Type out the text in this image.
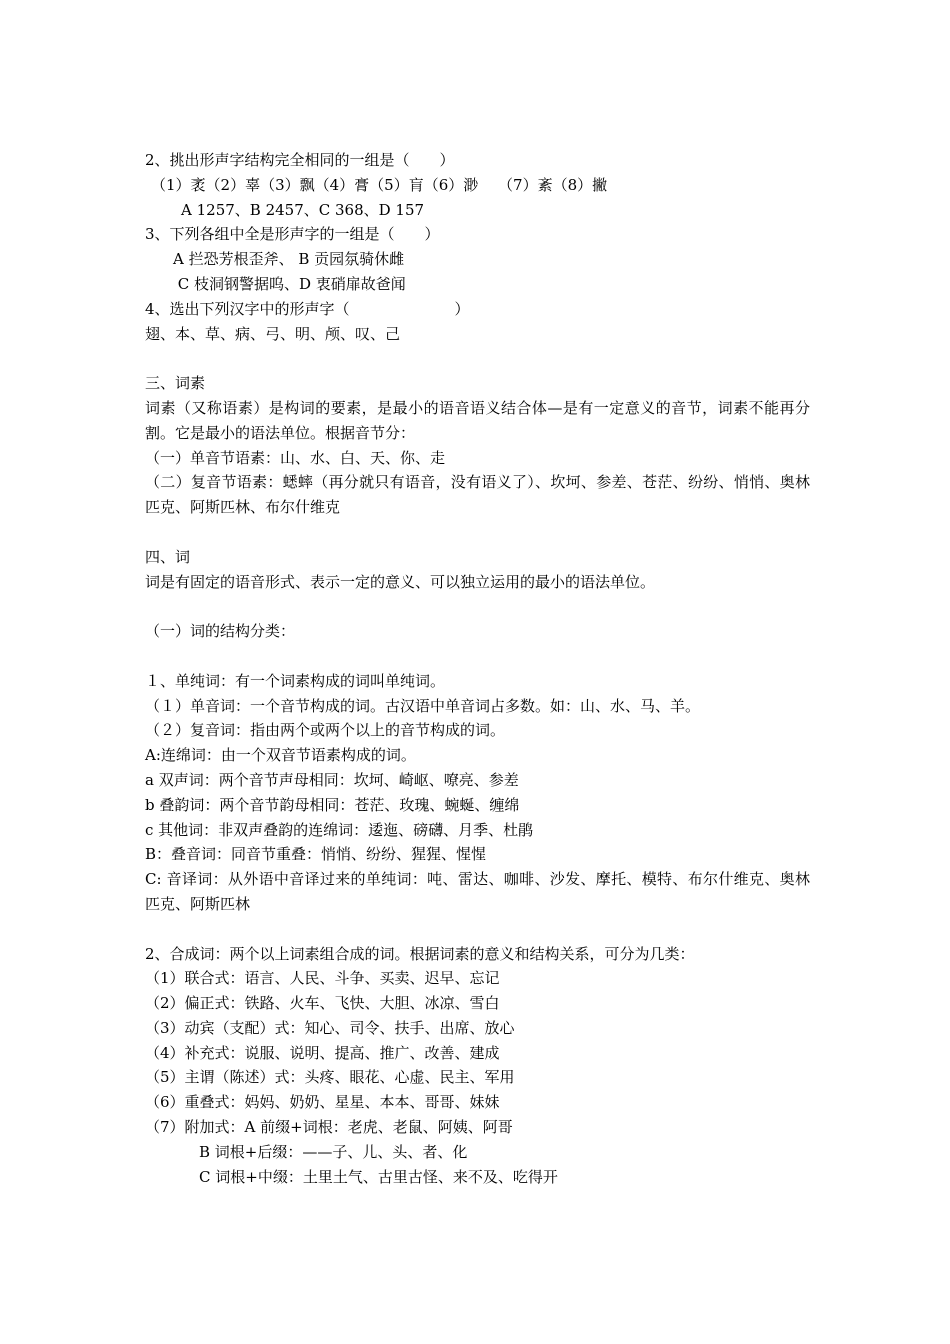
2、挑出形声字结构完全相同的一组是（　　）
（1）袤（2）辜（3）飘（4）膏（5）肓（6）渺　 （7）紊（8）撇
A 1257、B 2457、C 368、D 157
3、下列各组中全是形声字的一组是（　　）
A 拦恐芳根歪斧、 B 贡园氛骑休雌
C 枝洞钢警据呜、D 衷硝扉故爸闻
4、选出下列汉字中的形声字（　　　　　　　）
翅、本、草、病、弓、明、颅、叹、己
三、词素
词素（又称语素）是构词的要素，是最小的语音语义结合体—是有一定意义的音节，词素不能再分割。它是最小的语法单位。根据音节分：
（一）单音节语素：山、水、白、天、你、走
（二）复音节语素：蟋蟀（再分就只有语音，没有语义了）、坎坷、参差、苍茫、纷纷、悄悄、奥林匹克、阿斯匹林、布尔什维克
四、词
词是有固定的语音形式、表示一定的意义、可以独立运用的最小的语法单位。
（一）词的结构分类：
１、单纯词：有一个词素构成的词叫单纯词。
（１）单音词：一个音节构成的词。古汉语中单音词占多数。如：山、水、马、羊。
（２）复音词：指由两个或两个以上的音节构成的词。
A:连绵词：由一个双音节语素构成的词。
a 双声词：两个音节声母相同：坎坷、崎岖、嘹亮、参差
b 叠韵词：两个音节韵母相同：苍茫、玫瑰、蜿蜒、缠绵
c 其他词：非双声叠韵的连绵词：逶迤、磅礴、月季、杜鹃
B：叠音词：同音节重叠：悄悄、纷纷、猩猩、惺惺
C: 音译词：从外语中音译过来的单纯词：吨、雷达、咖啡、沙发、摩托、模特、布尔什维克、奥林匹克、阿斯匹林
2、合成词：两个以上词素组合成的词。根据词素的意义和结构关系，可分为几类：
（1）联合式：语言、人民、斗争、买卖、迟早、忘记
（2）偏正式：铁路、火车、飞快、大胆、冰凉、雪白
（3）动宾（支配）式：知心、司令、扶手、出席、放心
（4）补充式：说服、说明、提高、推广、改善、建成
（5）主谓（陈述）式：头疼、眼花、心虚、民主、军用
（6）重叠式：妈妈、奶奶、星星、本本、哥哥、妹妹
（7）附加式：A 前缀+词根：老虎、老鼠、阿姨、阿哥
B 词根+后缀：——子、儿、头、者、化
C 词根+中缀：土里土气、古里古怪、来不及、吃得开
